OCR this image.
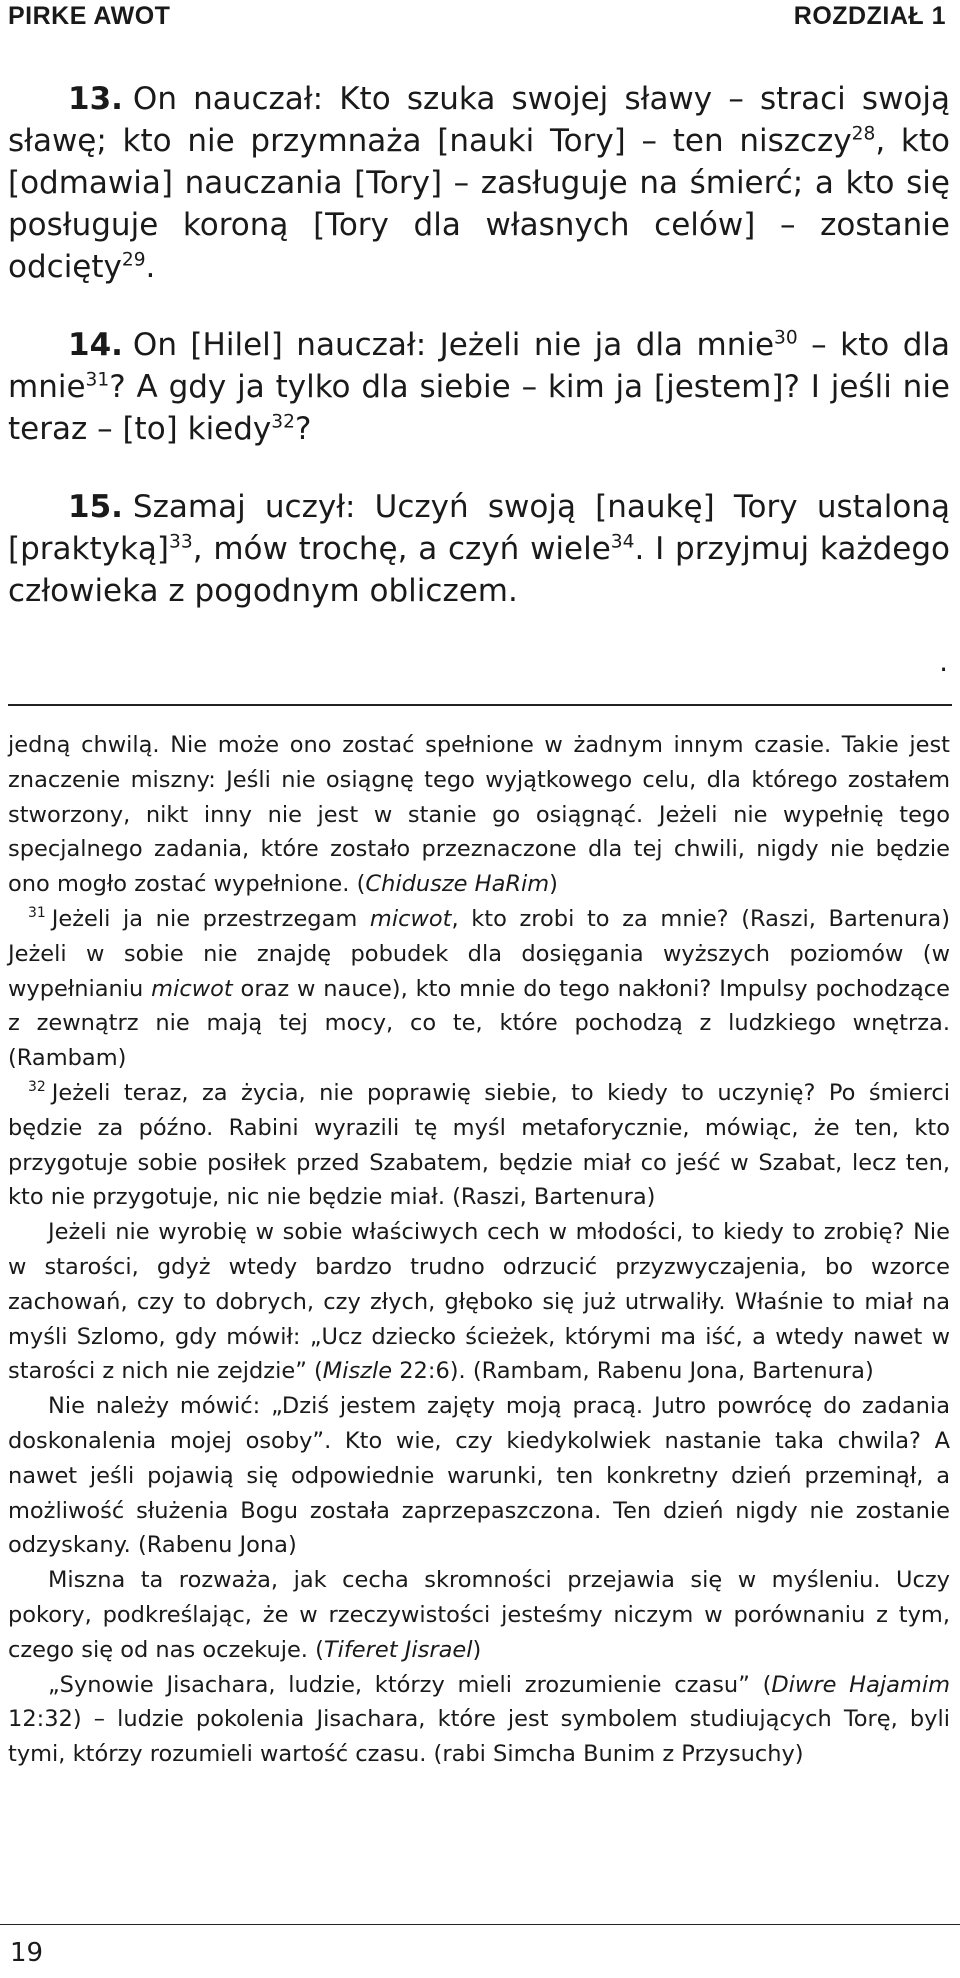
PIRKE AWOT	ROZDZIAŁ 1

13. On nauczał: Kto szuka swojej sławy – straci swoją sławę; kto nie przymnaża [nauki Tory] – ten niszczy$^{28}$, kto [odmawia] nauczania [Tory] – zasługuje na śmierć; a kto się posługuje koroną [Tory dla własnych celów] – zostanie odcięty$^{29}$.

14. On [Hilel] nauczał: Jeżeli nie ja dla mnie$^{30}$ – kto dla mnie$^{31}$? A gdy ja tylko dla siebie – kim ja [jestem]? I jeśli nie teraz – [to] kiedy$^{32}$?

15. Szamaj uczył: Uczyń swoją [naukę] Tory ustaloną [praktyką]$^{33}$, mów trochę, a czyń wiele$^{34}$. I przyjmuj każdego człowieka z pogodnym obliczem.

.

jedną chwilą. Nie może ono zostać spełnione w żadnym innym czasie. Takie jest znaczenie miszny: Jeśli nie osiągnę tego wyjątkowego celu, dla którego zostałem stworzony, nikt inny nie jest w stanie go osiągnąć. Jeżeli nie wypełnię tego specjalnego zadania, które zostało przeznaczone dla tej chwili, nigdy nie będzie ono mogło zostać wypełnione. (Chidusze HaRim)

$^{31}$ Jeżeli ja nie przestrzegam micwot, kto zrobi to za mnie? (Raszi, Bartenura) Jeżeli w sobie nie znajdę pobudek dla dosięgania wyższych poziomów (w wypełnianiu micwot oraz w nauce), kto mnie do tego nakłoni? Impulsy pochodzące z zewnątrz nie mają tej mocy, co te, które pochodzą z ludzkiego wnętrza. (Rambam)

$^{32}$ Jeżeli teraz, za życia, nie poprawię siebie, to kiedy to uczynię? Po śmierci będzie za późno. Rabini wyrazili tę myśl metaforycznie, mówiąc, że ten, kto przygotuje sobie posiłek przed Szabatem, będzie miał co jeść w Szabat, lecz ten, kto nie przygotuje, nic nie będzie miał. (Raszi, Bartenura)

Jeżeli nie wyrobię w sobie właściwych cech w młodości, to kiedy to zrobię? Nie w starości, gdyż wtedy bardzo trudno odrzucić przyzwyczajenia, bo wzorce zachowań, czy to dobrych, czy złych, głęboko się już utrwaliły. Właśnie to miał na myśli Szlomo, gdy mówił: „Ucz dziecko ścieżek, którymi ma iść, a wtedy nawet w starości z nich nie zejdzie” (Miszle 22:6). (Rambam, Rabenu Jona, Bartenura)

Nie należy mówić: „Dziś jestem zajęty moją pracą. Jutro powrócę do zadania doskonalenia mojej osoby”. Kto wie, czy kiedykolwiek nastanie taka chwila? A nawet jeśli pojawią się odpowiednie warunki, ten konkretny dzień przeminął, a możliwość służenia Bogu została zaprzepaszczona. Ten dzień nigdy nie zostanie odzyskany. (Rabenu Jona)

Miszna ta rozważa, jak cecha skromności przejawia się w myśleniu. Uczy pokory, podkreślając, że w rzeczywistości jesteśmy niczym w porównaniu z tym, czego się od nas oczekuje. (Tiferet Jisrael)

„Synowie Jisachara, ludzie, którzy mieli zrozumienie czasu” (Diwre Hajamim 12:32) – ludzie pokolenia Jisachara, które jest symbolem studiujących Torę, byli tymi, którzy rozumieli wartość czasu. (rabi Simcha Bunim z Przysuchy)

19
